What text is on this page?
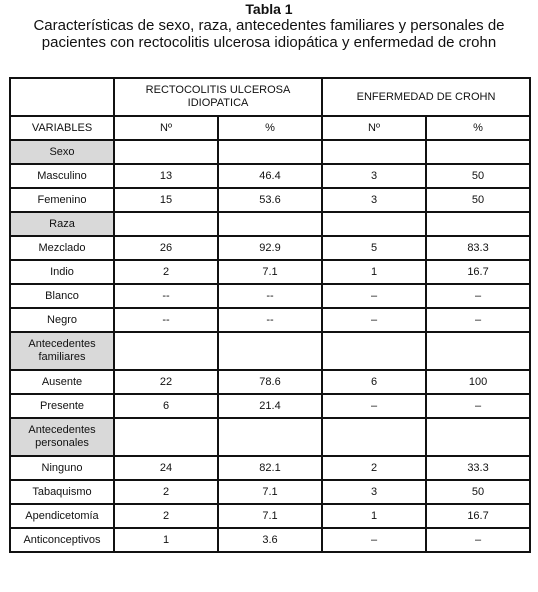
Tabla 1
Características de sexo, raza, antecedentes familiares y personales de pacientes con rectocolitis ulcerosa idiopática y enfermedad de crohn
	RECTOCOLITIS ULCEROSA IDIOPATICA		ENFERMEDAD DE CROHN	
VARIABLES	Nº	%	Nº	%
Sexo				
Masculino	13	46.4	3	50
Femenino	15	53.6	3	50
Raza				
Mezclado	26	92.9	5	83.3
Indio	2	7.1	1	16.7
Blanco	--	--	–	–
Negro	--	--	–	–
Antecedentes familiares				
Ausente	22	78.6	6	100
Presente	6	21.4	–	–
Antecedentes personales				
Ninguno	24	82.1	2	33.3
Tabaquismo	2	7.1	3	50
Apendicetomía	2	7.1	1	16.7
Anticonceptivos	1	3.6	–	–
